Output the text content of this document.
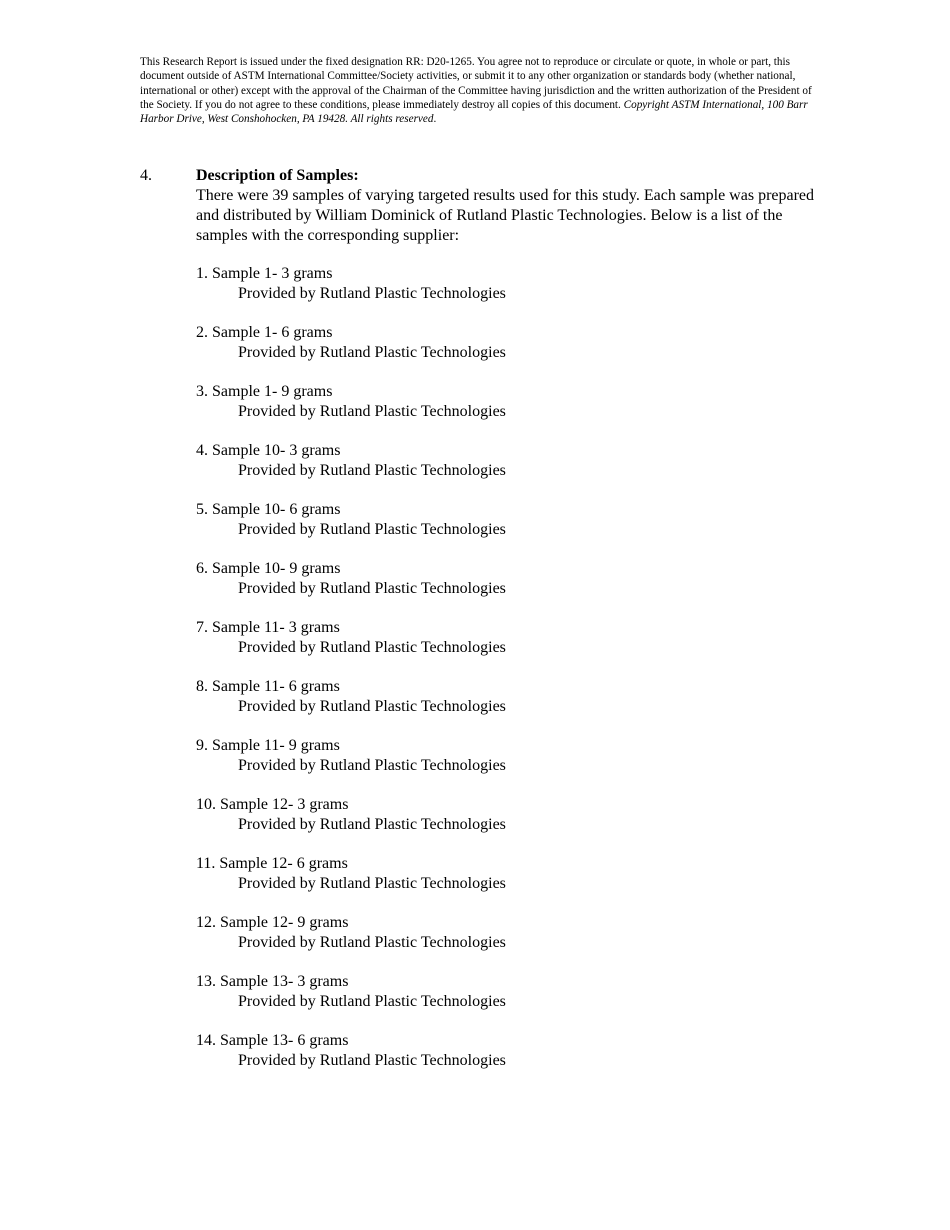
This Research Report is issued under the fixed designation RR: D20-1265. You agree not to reproduce or circulate or quote, in whole or part, this document outside of ASTM International Committee/Society activities, or submit it to any other organization or standards body (whether national, international or other) except with the approval of the Chairman of the Committee having jurisdiction and the written authorization of the President of the Society. If you do not agree to these conditions, please immediately destroy all copies of this document. Copyright ASTM International, 100 Barr Harbor Drive, West Conshohocken, PA 19428. All rights reserved.
4.	Description of Samples:

There were 39 samples of varying targeted results used for this study. Each sample was prepared and distributed by William Dominick of Rutland Plastic Technologies. Below is a list of the samples with the corresponding supplier:

1. Sample 1- 3 grams
Provided by Rutland Plastic Technologies
2. Sample 1- 6 grams
Provided by Rutland Plastic Technologies
3. Sample 1- 9 grams
Provided by Rutland Plastic Technologies
4. Sample 10- 3 grams
Provided by Rutland Plastic Technologies
5. Sample 10- 6 grams
Provided by Rutland Plastic Technologies
6. Sample 10- 9 grams
Provided by Rutland Plastic Technologies
7. Sample 11- 3 grams
Provided by Rutland Plastic Technologies
8. Sample 11- 6 grams
Provided by Rutland Plastic Technologies
9. Sample 11- 9 grams
Provided by Rutland Plastic Technologies
10. Sample 12- 3 grams
Provided by Rutland Plastic Technologies
11. Sample 12- 6 grams
Provided by Rutland Plastic Technologies
12. Sample 12- 9 grams
Provided by Rutland Plastic Technologies
13. Sample 13- 3 grams
Provided by Rutland Plastic Technologies
14. Sample 13- 6 grams
Provided by Rutland Plastic Technologies
